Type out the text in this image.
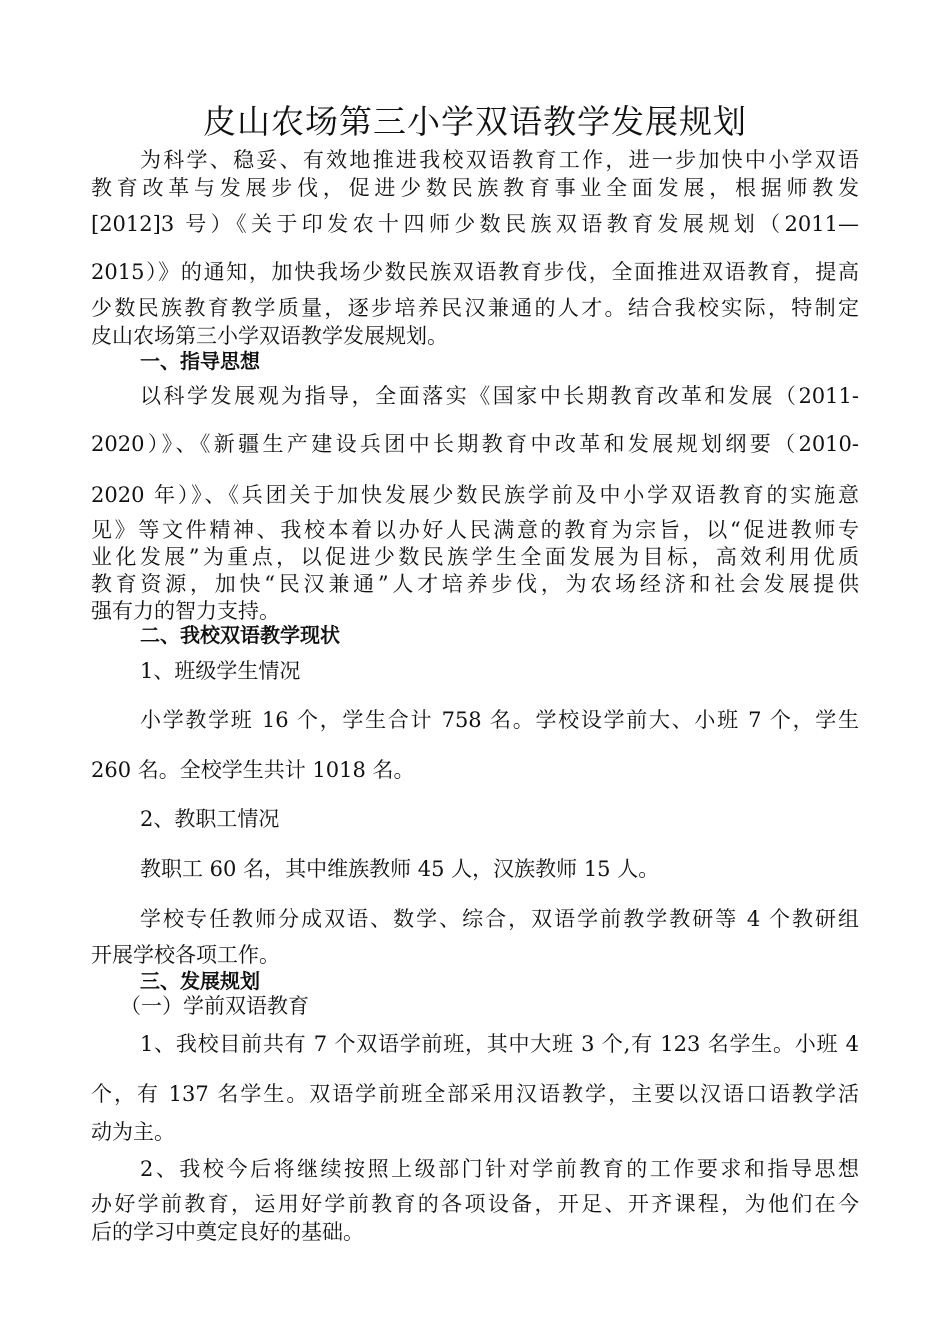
皮山农场第三小学双语教学发展规划

为科学、稳妥、有效地推进我校双语教育工作，进一步加快中小学双语

教育改革与发展步伐，促进少数民族教育事业全面发展，根据师教发

[2012]3 号）《关于印发农十四师少数民族双语教育发展规划（2011—

2015）》的通知，加快我场少数民族双语教育步伐，全面推进双语教育，提高

少数民族教育教学质量，逐步培养民汉兼通的人才。结合我校实际，特制定

皮山农场第三小学双语教学发展规划。

一、指导思想

以科学发展观为指导，全面落实《国家中长期教育改革和发展（2011-

2020）》、《新疆生产建设兵团中长期教育中改革和发展规划纲要（2010-

2020 年）》、《兵团关于加快发展少数民族学前及中小学双语教育的实施意

见》等文件精神、我校本着以办好人民满意的教育为宗旨，以“促进教师专

业化发展”为重点，以促进少数民族学生全面发展为目标，高效利用优质

教育资源，加快“民汉兼通”人才培养步伐，为农场经济和社会发展提供

强有力的智力支持。

二、我校双语教学现状

1、班级学生情况

小学教学班 16 个，学生合计 758 名。学校设学前大、小班 7 个，学生

260 名。全校学生共计 1018 名。

2、教职工情况

教职工 60 名，其中维族教师 45 人，汉族教师 15 人。

学校专任教师分成双语、数学、综合，双语学前教学教研等 4 个教研组

开展学校各项工作。

三、发展规划

（一）学前双语教育

1、我校目前共有 7 个双语学前班，其中大班 3 个,有 123 名学生。小班 4

个，有 137 名学生。双语学前班全部采用汉语教学，主要以汉语口语教学活

动为主。

2、我校今后将继续按照上级部门针对学前教育的工作要求和指导思想

办好学前教育，运用好学前教育的各项设备，开足、开齐课程，为他们在今

后的学习中奠定良好的基础。
